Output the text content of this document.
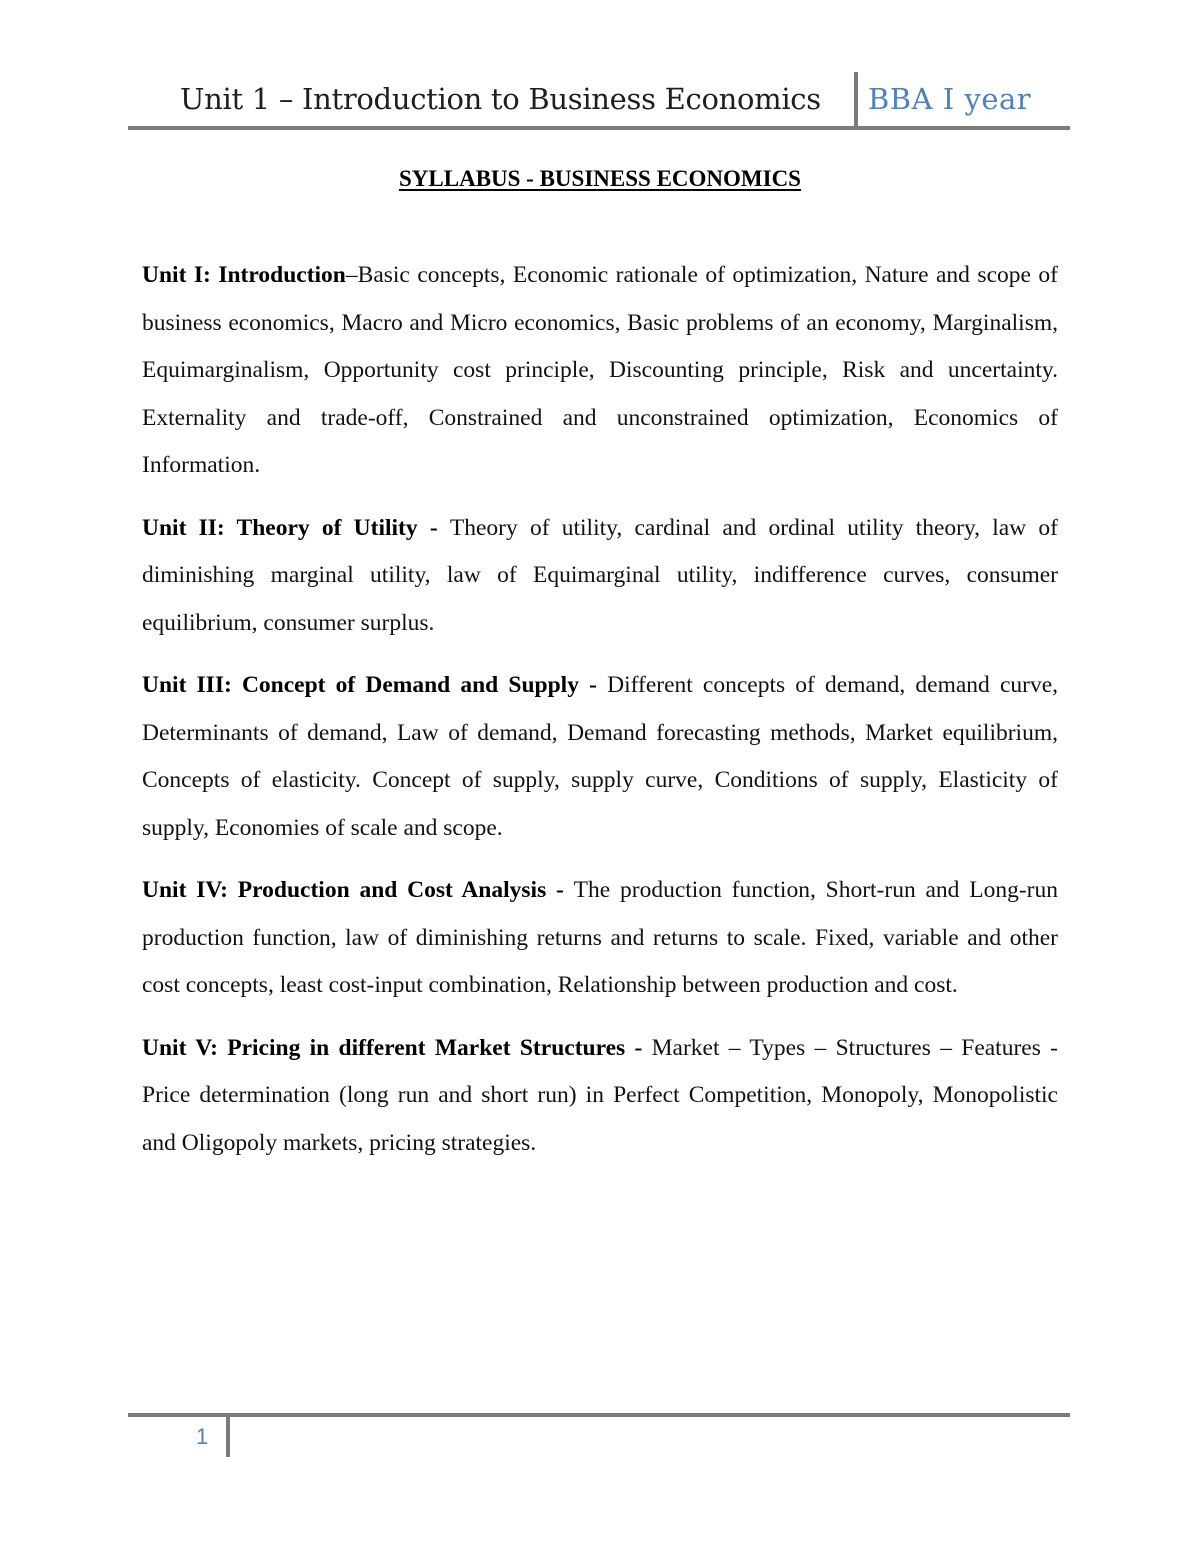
Unit 1 – Introduction to Business Economics BBA I year
SYLLABUS - BUSINESS ECONOMICS

Unit I: Introduction–Basic concepts, Economic rationale of optimization, Nature and scope of business economics, Macro and Micro economics, Basic problems of an economy, Marginalism, Equimarginalism, Opportunity cost principle, Discounting principle, Risk and uncertainty. Externality and trade-off, Constrained and unconstrained optimization, Economics of Information.

Unit II: Theory of Utility - Theory of utility, cardinal and ordinal utility theory, law of diminishing marginal utility, law of Equimarginal utility, indifference curves, consumer equilibrium, consumer surplus.

Unit III: Concept of Demand and Supply - Different concepts of demand, demand curve, Determinants of demand, Law of demand, Demand forecasting methods, Market equilibrium, Concepts of elasticity. Concept of supply, supply curve, Conditions of supply, Elasticity of supply, Economies of scale and scope.

Unit IV: Production and Cost Analysis - The production function, Short-run and Long-run production function, law of diminishing returns and returns to scale. Fixed, variable and other cost concepts, least cost-input combination, Relationship between production and cost.

Unit V: Pricing in different Market Structures - Market – Types – Structures – Features - Price determination (long run and short run) in Perfect Competition, Monopoly, Monopolistic and Oligopoly markets, pricing strategies.

1
